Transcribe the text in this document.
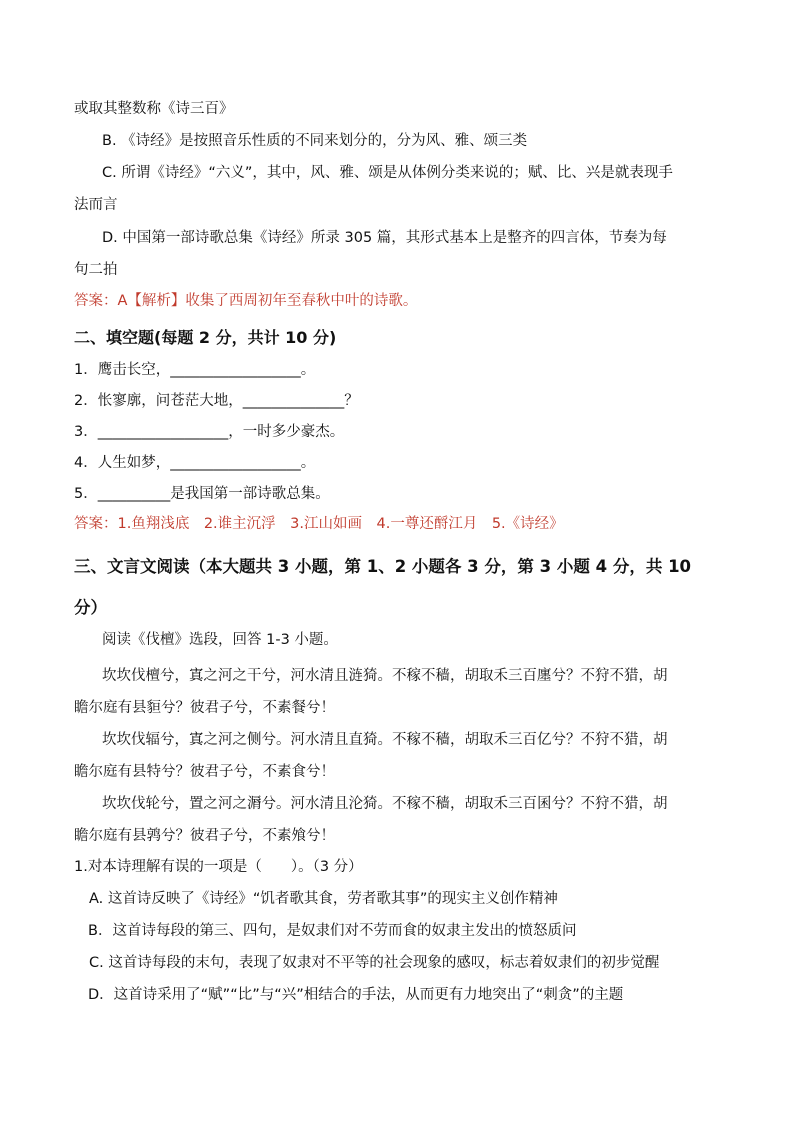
或取其整数称《诗三百》
B. 《诗经》是按照音乐性质的不同来划分的，分为风、雅、颂三类
C. 所谓《诗经》“六义”，其中，风、雅、颂是从体例分类来说的；赋、比、兴是就表现手
法而言
D. 中国第一部诗歌总集《诗经》所录 305 篇，其形式基本上是整齐的四言体，节奏为每
句二拍
答案：A【解析】收集了西周初年至春秋中叶的诗歌。
二、填空题(每题 2 分，共计 10 分)
1．鹰击长空，__________________。
2．怅寥廓，问苍茫大地，______________？
3．__________________，一时多少豪杰。
4．人生如梦，__________________。
5．__________是我国第一部诗歌总集。
答案：1.鱼翔浅底　2.谁主沉浮　3.江山如画　4.一尊还酹江月　5.《诗经》
三、文言文阅读（本大题共 3 小题，第 1、2 小题各 3 分，第 3 小题 4 分，共 10
分）
阅读《伐檀》选段，回答 1-3 小题。
坎坎伐檀兮，寘之河之干兮，河水清且涟猗。不稼不穑，胡取禾三百廛兮？不狩不猎，胡
瞻尔庭有县貆兮？彼君子兮，不素餐兮！
坎坎伐辐兮，寘之河之侧兮。河水清且直猗。不稼不穑，胡取禾三百亿兮？不狩不猎，胡
瞻尔庭有县特兮？彼君子兮，不素食兮！
坎坎伐轮兮，置之河之漘兮。河水清且沦猗。不稼不穑，胡取禾三百囷兮？不狩不猎，胡
瞻尔庭有县鹑兮？彼君子兮，不素飧兮！
1.对本诗理解有误的一项是（　　）。（3 分）
A. 这首诗反映了《诗经》“饥者歌其食，劳者歌其事”的现实主义创作精神
B．这首诗每段的第三、四句，是奴隶们对不劳而食的奴隶主发出的愤怒质问
C. 这首诗每段的末句，表现了奴隶对不平等的社会现象的感叹，标志着奴隶们的初步觉醒
D．这首诗采用了“赋”“比”与“兴”相结合的手法，从而更有力地突出了“刺贪”的主题
